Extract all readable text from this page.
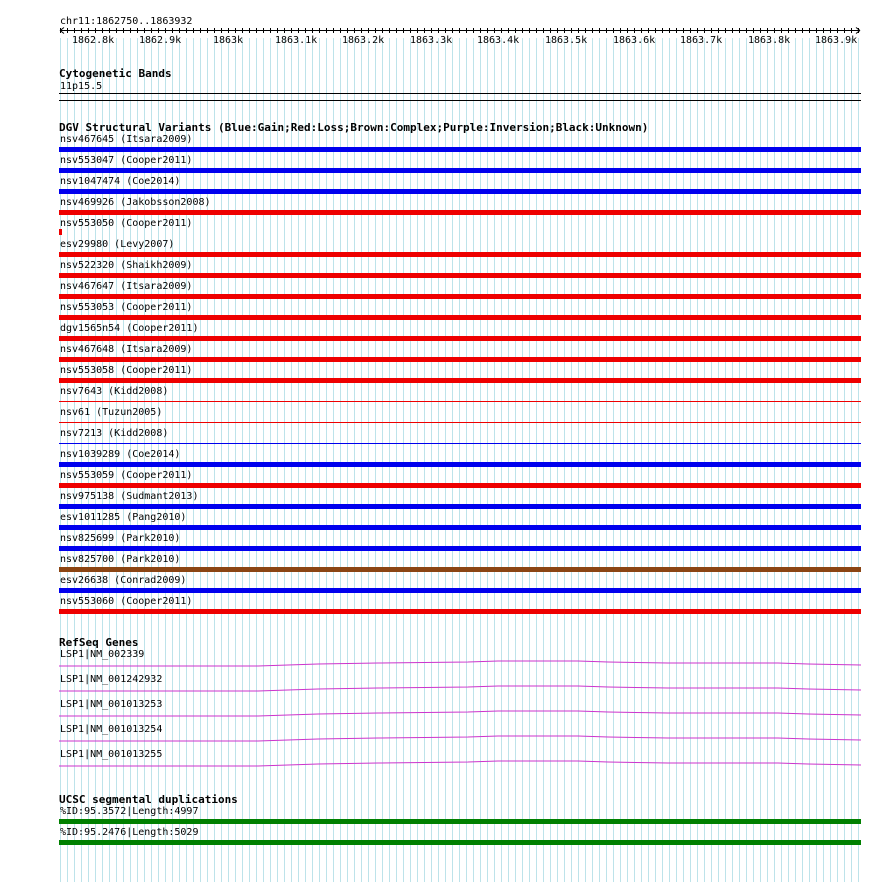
chr11:1862750..1863932
1862.8k 1862.9k	1863k	1863.1k 1863.2k	1863.3k 1863.4k	1863.5k	1863.6k 1863.7k	1863.8k 1863.9k
Cytogenetic Bands
11p15.5
DGV Structural Variants (Blue:Gain;Red:Loss;Brown:Complex;Purple:Inversion;Black:Unknown)
nsv467645 (Itsara2009)
nsv553047 (Cooper2011)
nsv1047474 (Coe2014)
nsv469926 (Jakobsson2008)
nsv553050 (Cooper2011)
esv29980 (Levy2007)
nsv522320 (Shaikh2009)
nsv467647 (Itsara2009)
nsv553053 (Cooper2011)
dgv1565n54 (Cooper2011)
nsv467648 (Itsara2009)
nsv553058 (Cooper2011)
nsv7643 (Kidd2008)
nsv61 (Tuzun2005)
nsv7213 (Kidd2008)
nsv1039289 (Coe2014)
nsv553059 (Cooper2011)
nsv975138 (Sudmant2013)
esv1011285 (Pang2010)
nsv825699 (Park2010)
nsv825700 (Park2010)
esv26638 (Conrad2009)
nsv553060 (Cooper2011)
RefSeq Genes
LSP1|NM_002339
LSP1|NM_001242932
LSP1|NM_001013253
LSP1|NM_001013254
LSP1|NM_001013255
UCSC segmental duplications
%ID:95.3572|Length:4997
%ID:95.2476|Length:5029
